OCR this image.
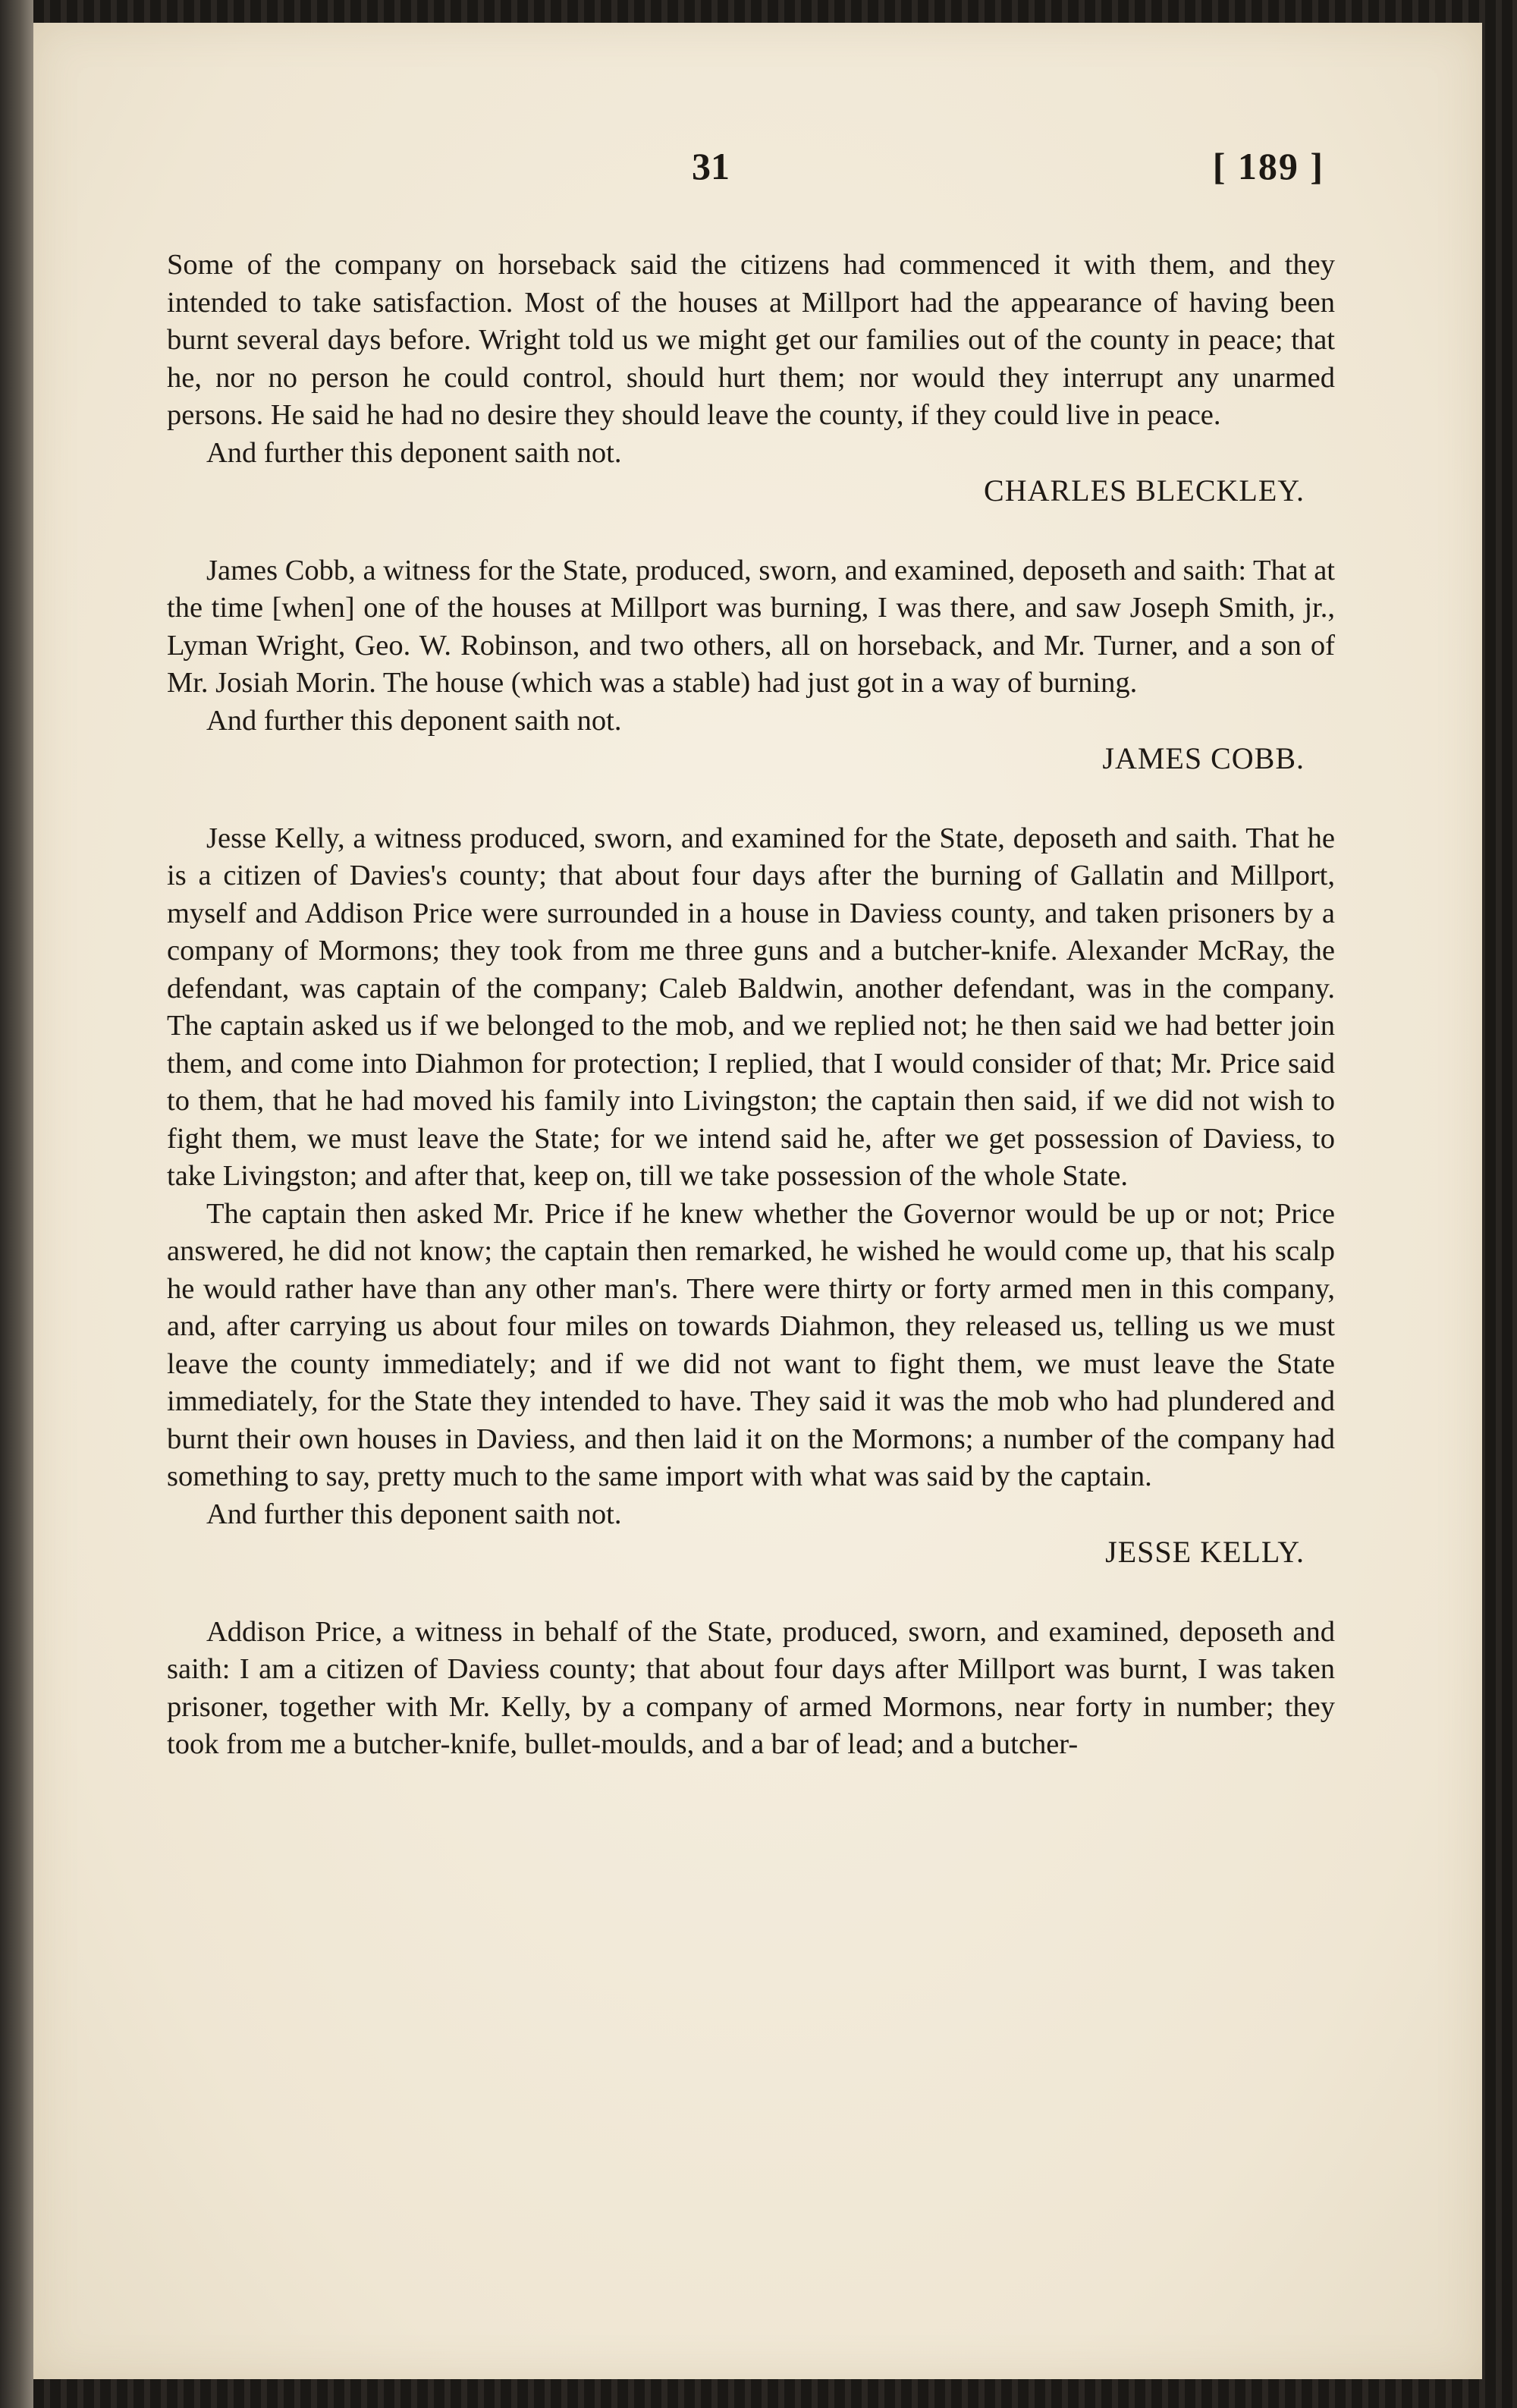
31	[ 189 ]

Some of the company on horseback said the citizens had commenced it with them, and they intended to take satisfaction. Most of the houses at Millport had the appearance of having been burnt several days before. Wright told us we might get our families out of the county in peace; that he, nor no person he could control, should hurt them; nor would they interrupt any unarmed persons. He said he had no desire they should leave the county, if they could live in peace.

And further this deponent saith not.

CHARLES BLECKLEY.

James Cobb, a witness for the State, produced, sworn, and examined, deposeth and saith: That at the time [when] one of the houses at Millport was burning, I was there, and saw Joseph Smith, jr., Lyman Wright, Geo. W. Robinson, and two others, all on horseback, and Mr. Turner, and a son of Mr. Josiah Morin. The house (which was a stable) had just got in a way of burning.

And further this deponent saith not.

JAMES COBB.

Jesse Kelly, a witness produced, sworn, and examined for the State, deposeth and saith. That he is a citizen of Davies's county; that about four days after the burning of Gallatin and Millport, myself and Addison Price were surrounded in a house in Daviess county, and taken prisoners by a company of Mormons; they took from me three guns and a butcher-knife. Alexander McRay, the defendant, was captain of the company; Caleb Baldwin, another defendant, was in the company. The captain asked us if we belonged to the mob, and we replied not; he then said we had better join them, and come into Diahmon for protection; I replied, that I would consider of that; Mr. Price said to them, that he had moved his family into Livingston; the captain then said, if we did not wish to fight them, we must leave the State; for we intend said he, after we get possession of Daviess, to take Livingston; and after that, keep on, till we take possession of the whole State.

The captain then asked Mr. Price if he knew whether the Governor would be up or not; Price answered, he did not know; the captain then remarked, he wished he would come up, that his scalp he would rather have than any other man's. There were thirty or forty armed men in this company, and, after carrying us about four miles on towards Diahmon, they released us, telling us we must leave the county immediately; and if we did not want to fight them, we must leave the State immediately, for the State they intended to have. They said it was the mob who had plundered and burnt their own houses in Daviess, and then laid it on the Mormons; a number of the company had something to say, pretty much to the same import with what was said by the captain.

And further this deponent saith not.

JESSE KELLY.

Addison Price, a witness in behalf of the State, produced, sworn, and examined, deposeth and saith: I am a citizen of Daviess county; that about four days after Millport was burnt, I was taken prisoner, together with Mr. Kelly, by a company of armed Mormons, near forty in number; they took from me a butcher-knife, bullet-moulds, and a bar of lead; and a butcher-
